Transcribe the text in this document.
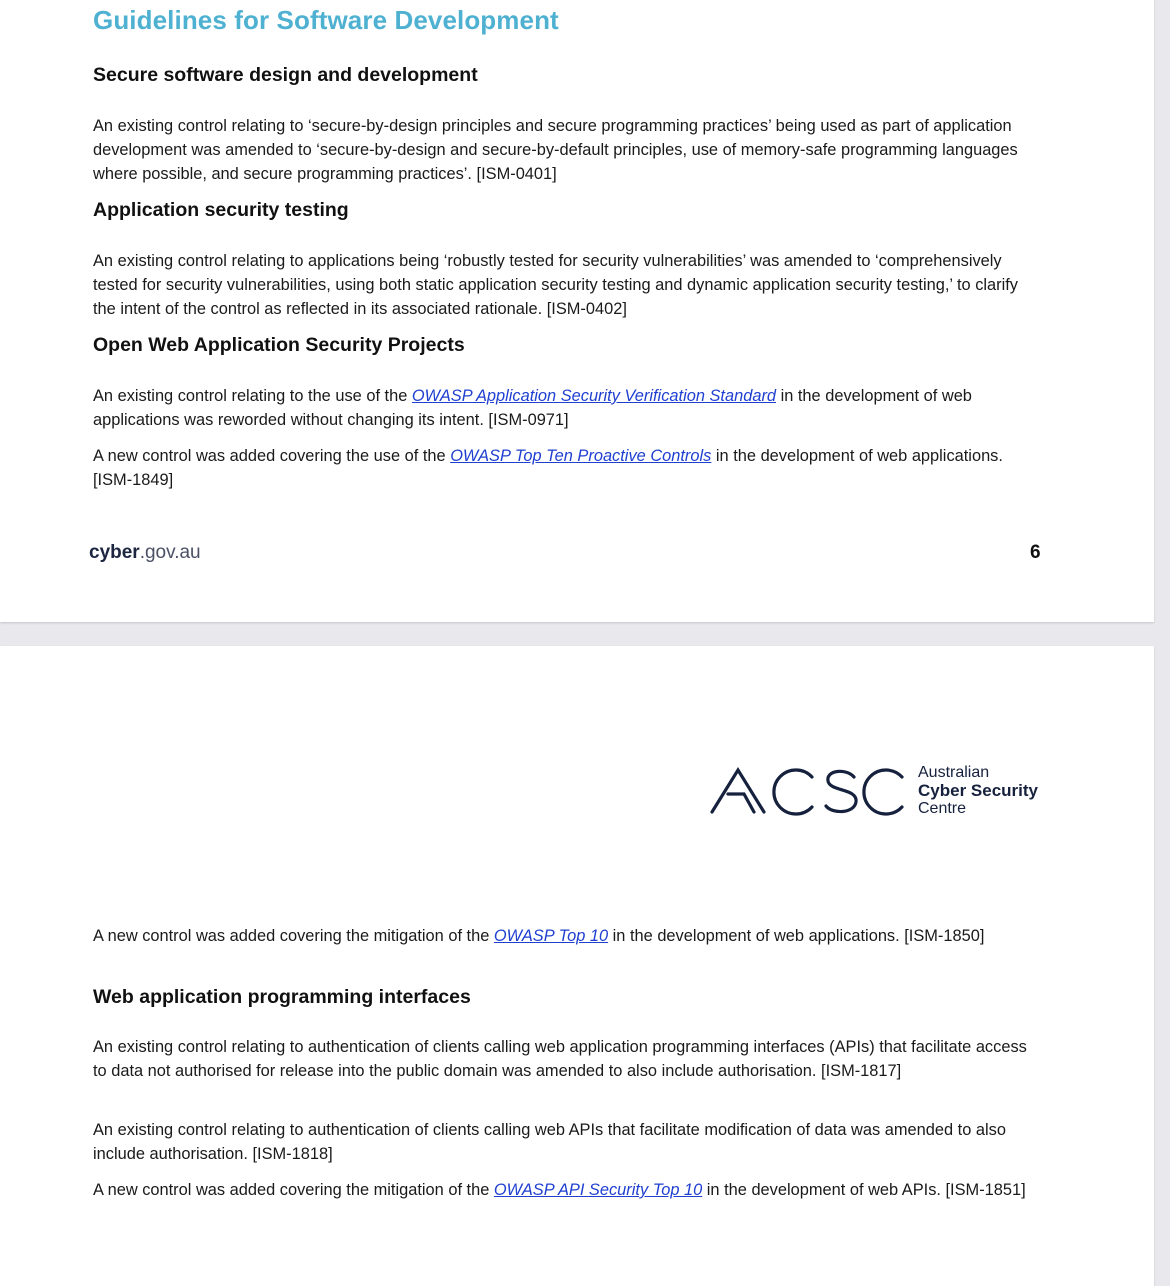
Guidelines for Software Development
Secure software design and development

An existing control relating to ‘secure-by-design principles and secure programming practices’ being used as part of application development was amended to ‘secure-by-design and secure-by-default principles, use of memory-safe programming languages where possible, and secure programming practices’. [ISM-0401]

Application security testing

An existing control relating to applications being ‘robustly tested for security vulnerabilities’ was amended to ‘comprehensively tested for security vulnerabilities, using both static application security testing and dynamic application security testing,’ to clarify the intent of the control as reflected in its associated rationale. [ISM-0402]

Open Web Application Security Projects

An existing control relating to the use of the OWASP Application Security Verification Standard in the development of web applications was reworded without changing its intent. [ISM-0971]

A new control was added covering the use of the OWASP Top Ten Proactive Controls in the development of web applications. [ISM-1849]

cyber.gov.au	6
Australian
Cyber Security
Centre

A new control was added covering the mitigation of the OWASP Top 10 in the development of web applications. [ISM-1850]

Web application programming interfaces

An existing control relating to authentication of clients calling web application programming interfaces (APIs) that facilitate access to data not authorised for release into the public domain was amended to also include authorisation. [ISM-1817]

An existing control relating to authentication of clients calling web APIs that facilitate modification of data was amended to also include authorisation. [ISM-1818]

A new control was added covering the mitigation of the OWASP API Security Top 10 in the development of web APIs. [ISM-1851]
